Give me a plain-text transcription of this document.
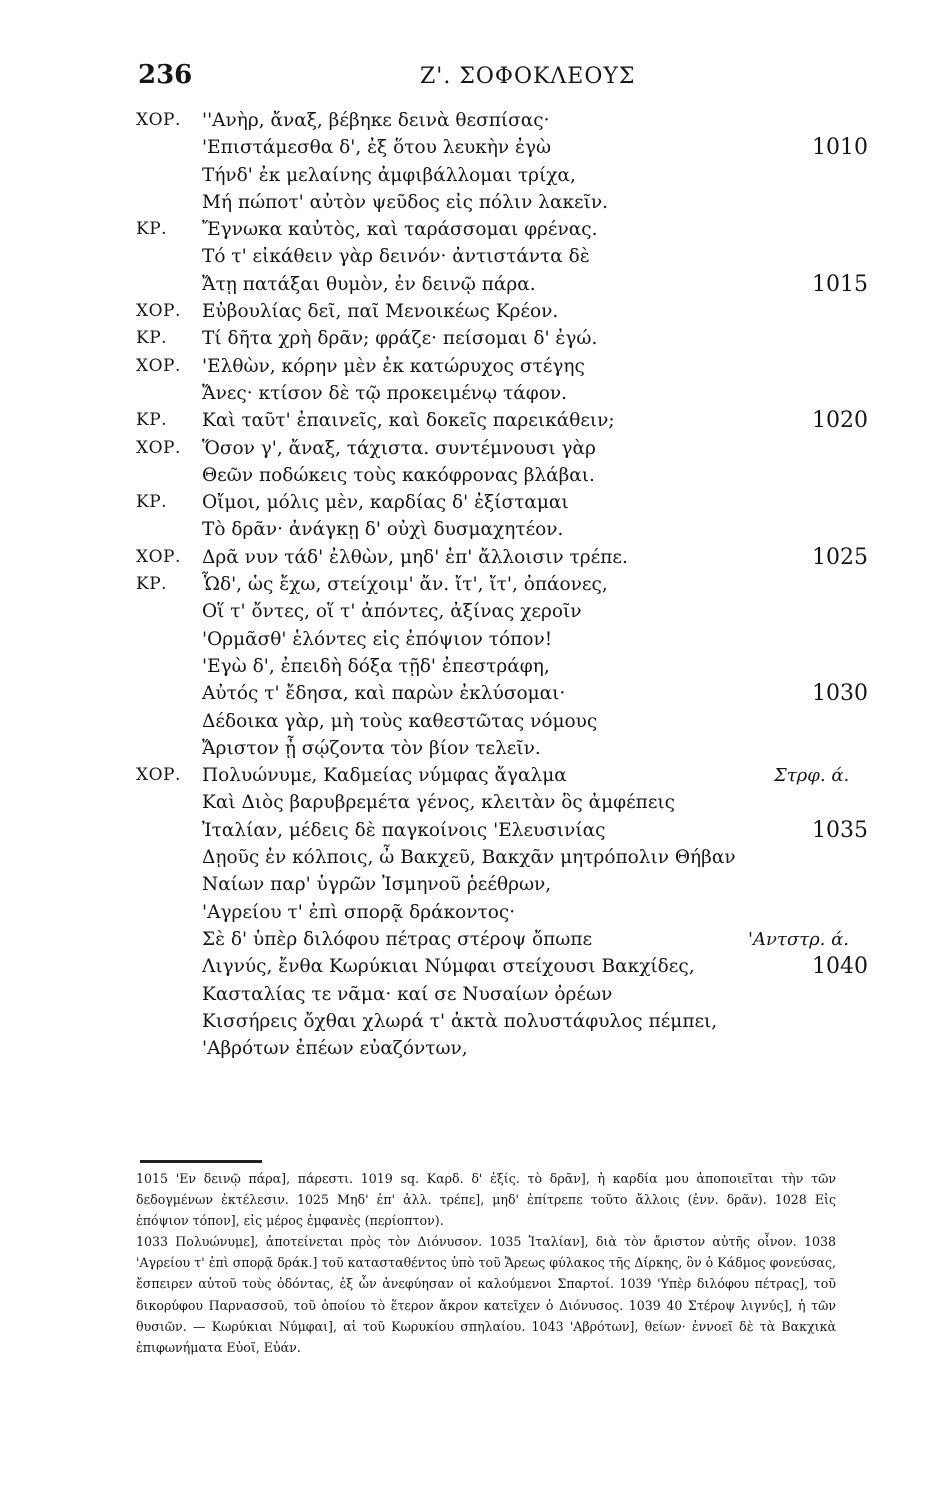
236	Ζ'. ΣΟΦΟΚΛΕΟΥΣ
ΧΟΡ. ''Ανὴρ, ἄναξ, βέβηκε δεινὰ θεσπίσας·
'Επιστάμεσθα δ', ἐξ ὅτου λευκὴν ἐγὼ	1010
Τήνδ' ἐκ μελαίνης ἀμφιβάλλομαι τρίχα,
Μή πώποτ' αὐτὸν ψεῦδος εἰς πόλιν λακεῖν.
ΚΡ. Ἔγνωκα καὐτὸς, καὶ ταράσσομαι φρένας.
Τό τ' εἰκάθειν γὰρ δεινόν· ἀντιστάντα δὲ
Ἄτῃ πατάξαι θυμὸν, ἐν δεινῷ πάρα.	1015
ΧΟΡ. Εὐβουλίας δεῖ, παῖ Μενοικέως Κρέον.
ΚΡ. Τί δῆτα χρὴ δρᾶν; φράζε· πείσομαι δ' ἐγώ.
ΧΟΡ. 'Ελθὼν, κόρην μὲν ἐκ κατώρυχος στέγης
Ἄνες· κτίσον δὲ τῷ προκειμένῳ τάφον.
ΚΡ. Καὶ ταῦτ' ἐπαινεῖς, καὶ δοκεῖς παρεικάθειν;	1020
ΧΟΡ. Ὅσον γ', ἄναξ, τάχιστα. συντέμνουσι γὰρ
Θεῶν ποδώκεις τοὺς κακόφρονας βλάβαι.
ΚΡ. Οἴμοι, μόλις μὲν, καρδίας δ' ἐξίσταμαι
Τὸ δρᾶν· ἀνάγκῃ δ' οὐχὶ δυσμαχητέον.
ΧΟΡ. Δρᾶ νυν τάδ' ἐλθὼν, μηδ' ἐπ' ἄλλοισιν τρέπε.	1025
ΚΡ. Ὧδ', ὡς ἔχω, στείχοιμ' ἄν. ἴτ', ἴτ', ὀπάονες,
Οἵ τ' ὄντες, οἵ τ' ἀπόντες, ἀξίνας χεροῖν
'Ορμᾶσθ' ἑλόντες εἰς ἐπόψιον τόπον!
'Εγὼ δ', ἐπειδὴ δόξα τῇδ' ἐπεστράφη,
Αὐτός τ' ἔδησα, καὶ παρὼν ἐκλύσομαι·	1030
Δέδοικα γὰρ, μὴ τοὺς καθεστῶτας νόμους
Ἄριστον ᾖ σῴζοντα τὸν βίον τελεῖν.
ΧΟΡ. Πολυώνυμε, Καδμείας νύμφας ἄγαλμα	Στρφ. ά.
Καὶ Διὸς βαρυβρεμέτα γένος, κλειτὰν ὃς ἀμφέπεις
Ἰταλίαν, μέδεις δὲ παγκοίνοις 'Ελευσινίας	1035
Δῃοῦς ἐν κόλποις, ὦ Βακχεῦ, Βακχᾶν μητρόπολιν Θήβαν
Ναίων παρ' ὑγρῶν Ἰσμηνοῦ ῥεέθρων,
'Αγρείου τ' ἐπὶ σπορᾷ δράκοντος·
Σὲ δ' ὑπὲρ διλόφου πέτρας στέροψ ὄπωπε	'Αντστρ. ά.
Λιγνύς, ἔνθα Κωρύκιαι Νύμφαι στείχουσι Βακχίδες,	1040
Κασταλίας τε νᾶμα· καί σε Νυσαίων ὀρέων
Κισσήρεις ὄχθαι χλωρά τ' ἀκτὰ πολυστάφυλος πέμπει,
'Αβρότων ἐπέων εὐαζόντων,

1015 'Εν δεινῷ πάρα], πάρεστι. 1019 sq. Καρδ. δ' ἐξίς. τὸ δρᾶν], ἡ καρδία μου ἀποποιεῖται τὴν τῶν δεδογμένων ἐκτέλεσιν. 1025 Μηδ' ἐπ' ἀλλ. τρέπε], μηδ' ἐπίτρεπε τοῦτο ἄλλοις (ἐνν. δρᾶν). 1028 Εἰς ἐπόψιον τόπον], εἰς μέρος ἐμφανὲς (περίοπτον).

1033 Πολυώνυμε], ἀποτείνεται πρὸς τὸν Διόνυσον. 1035 Ἰταλίαν], διὰ τὸν ἄριστον αὐτῆς οἶνον. 1038 'Αγρείου τ' ἐπὶ σπορᾷ δράκ.] τοῦ κατασταθέντος ὑπὸ τοῦ Ἄρεως φύλακος τῆς Δίρκης, ὃν ὁ Κάδμος φονεύσας, ἔσπειρεν αὐτοῦ τοὺς ὀδόντας, ἐξ ὧν ἀνεφύησαν οἱ καλούμενοι Σπαρτοί. 1039 'Υπὲρ διλόφου πέτρας], τοῦ δικορύφου Παρνασσοῦ, τοῦ ὁποίου τὸ ἕτερον ἄκρον κατεῖχεν ὁ Διόνυσος. 1039 40 Στέροψ λιγνύς], ἡ τῶν θυσιῶν. — Κωρύκιαι Νύμφαι], αἱ τοῦ Κωρυκίου σπηλαίου. 1043 'Αβρότων], θείων· ἐννοεῖ δὲ τὰ Βακχικὰ ἐπιφωνήματα Εὐοῖ, Εὐάν.
